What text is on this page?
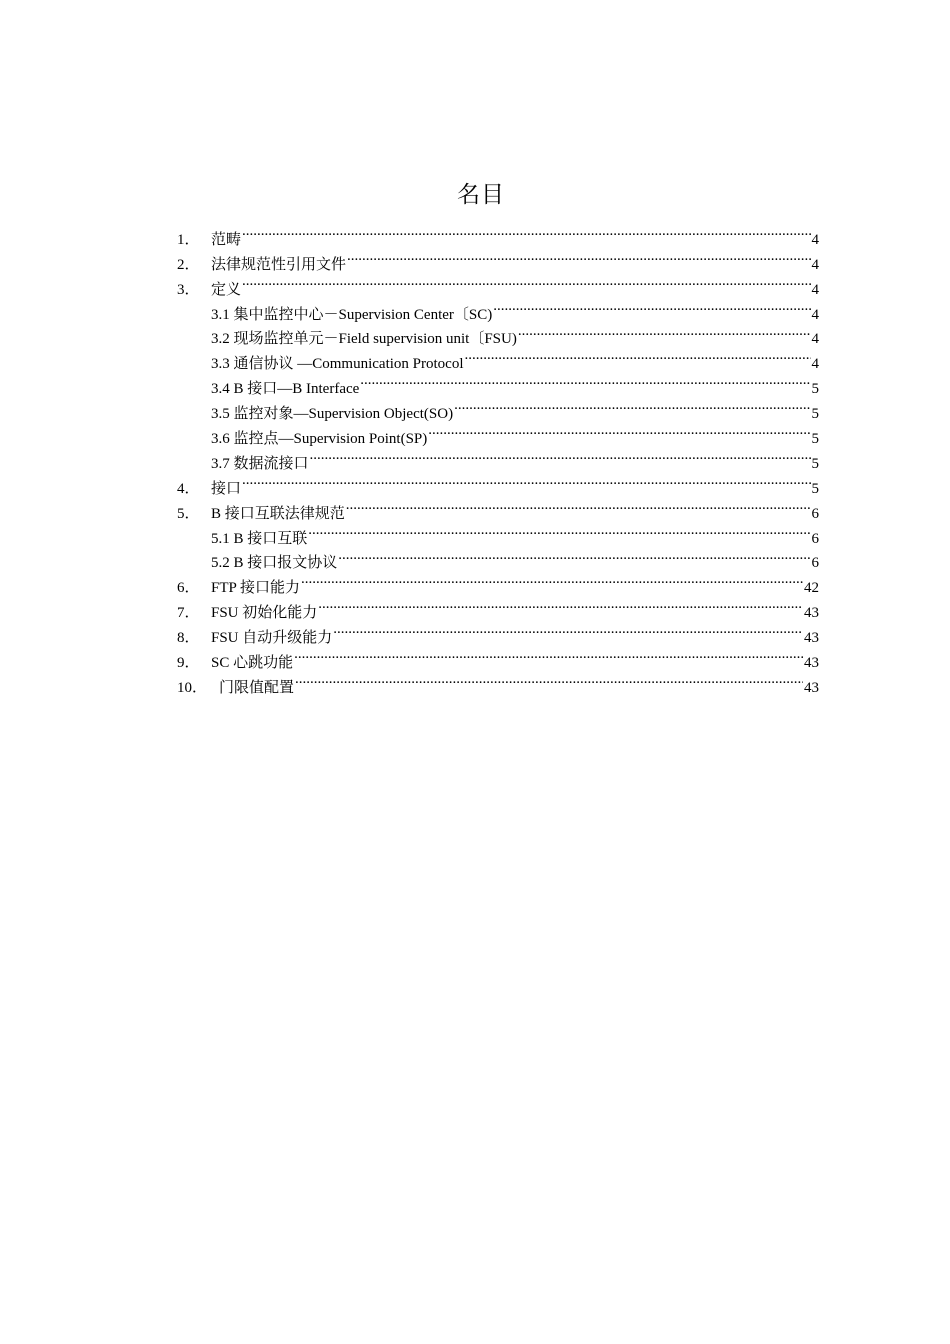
名目
1． 范畴 .....	4
2． 法律规范性引用文件 .....	4
3． 定义 .....	4
3.1 集中监控中心－Supervision Center〔SC) .....	4
3.2 现场监控单元－Field supervision unit〔FSU) .....	4
3.3 通信协议 —Communication Protocol .....	4
3.4 B 接口—B Interface .....	5
3.5 监控对象—Supervision Object(SO) .....	5
3.6 监控点—Supervision Point(SP) .....	5
3.7 数据流接口 .....	5
4． 接口 .....	5
5． B 接口互联法律规范 .....	6
5.1 B 接口互联 .....	6
5.2 B 接口报文协议 .....	6
6． FTP 接口能力 .....	42
7． FSU 初始化能力 .....	43
8． FSU 自动升级能力 .....	43
9． SC 心跳功能 .....	43
10． 门限值配置 .....	43
